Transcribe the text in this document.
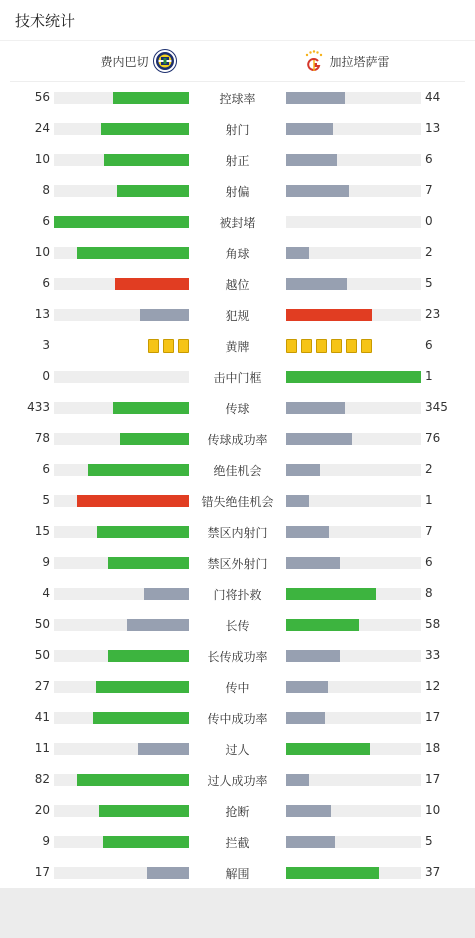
技术统计
费内巴切	加拉塔萨雷
56	控球率	44
24	射门	13
10	射正	6
8	射偏	7
6	被封堵	0
10	角球	2
6	越位	5
13	犯规	23
3	黄牌	6
0	击中门框	1
433	传球	345
78	传球成功率	76
6	绝佳机会	2
5	错失绝佳机会	1
15	禁区内射门	7
9	禁区外射门	6
4	门将扑救	8
50	长传	58
50	长传成功率	33
27	传中	12
41	传中成功率	17
11	过人	18
82	过人成功率	17
20	抢断	10
9	拦截	5
17	解围	37
